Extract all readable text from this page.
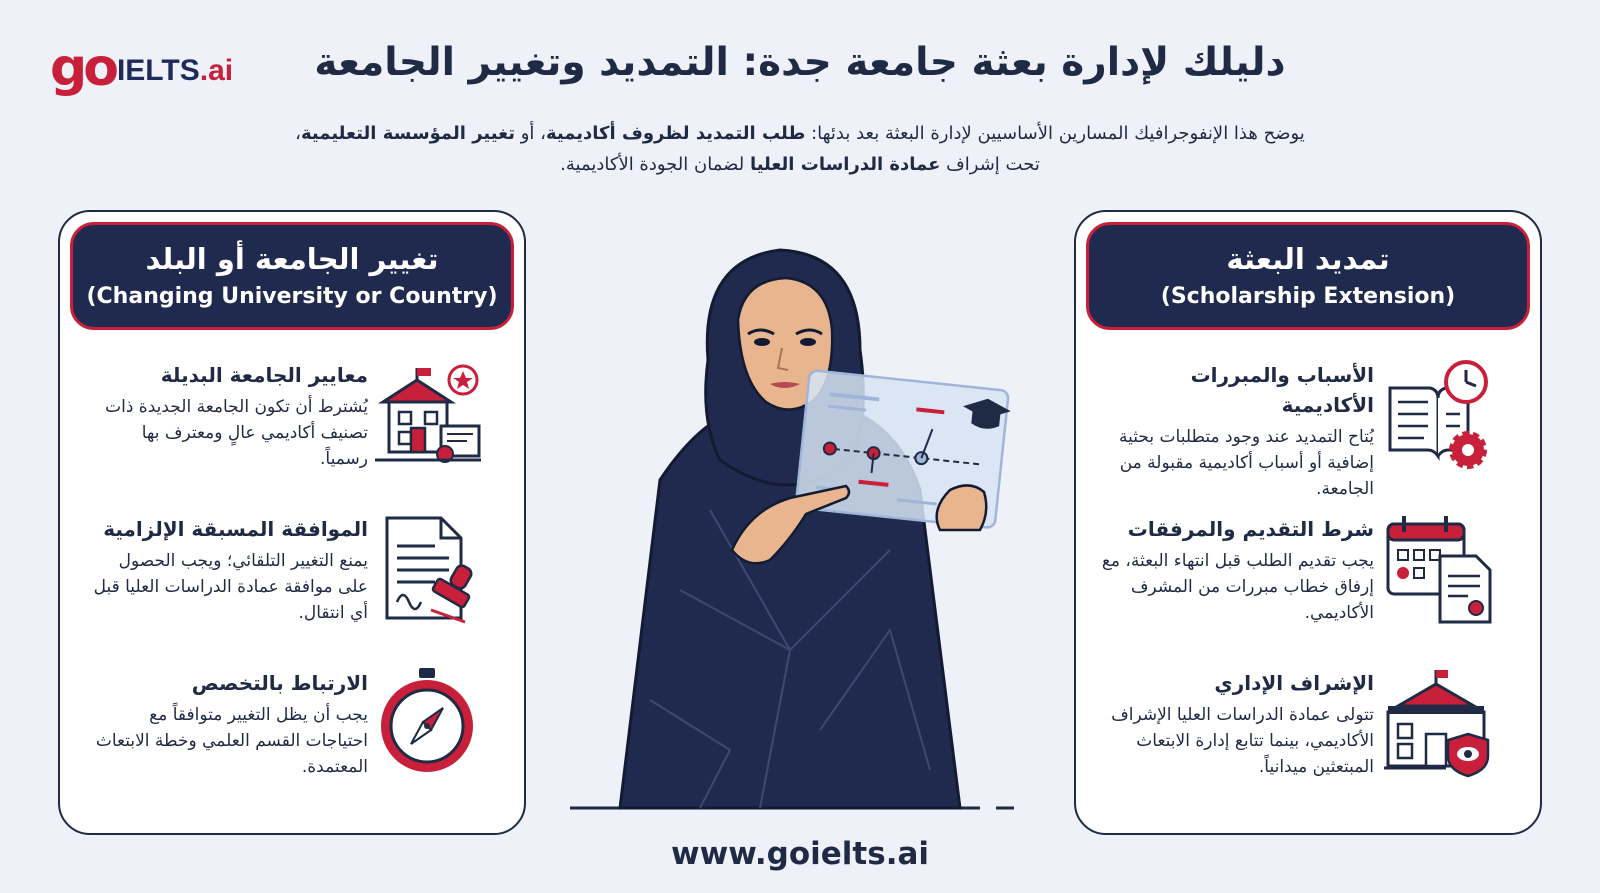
go IELTS.ai	دليلك لإدارة بعثة جامعة جدة: التمديد وتغيير الجامعة

يوضح هذا الإنفوجرافيك المسارين الأساسيين لإدارة البعثة بعد بدئها: طلب التمديد لظروف أكاديمية، أو تغيير المؤسسة التعليمية، تحت إشراف عمادة الدراسات العليا لضمان الجودة الأكاديمية.

تغيير الجامعة أو البلد
(Changing University or Country)
معايير الجامعة البديلة
يُشترط أن تكون الجامعة الجديدة ذات تصنيف أكاديمي عالٍ ومعترف بها رسمياً.
الموافقة المسبقة الإلزامية
يمنع التغيير التلقائي؛ ويجب الحصول على موافقة عمادة الدراسات العليا قبل أي انتقال.
الارتباط بالتخصص
يجب أن يظل التغيير متوافقاً مع احتياجات القسم العلمي وخطة الابتعاث المعتمدة.
تمديد البعثة
(Scholarship Extension)
الأسباب والمبررات الأكاديمية
يُتاح التمديد عند وجود متطلبات بحثية إضافية أو أسباب أكاديمية مقبولة من الجامعة.
شرط التقديم والمرفقات
يجب تقديم الطلب قبل انتهاء البعثة، مع إرفاق خطاب مبررات من المشرف الأكاديمي.
الإشراف الإداري
تتولى عمادة الدراسات العليا الإشراف الأكاديمي، بينما تتابع إدارة الابتعاث المبتعثين ميدانياً.
www.goielts.ai
